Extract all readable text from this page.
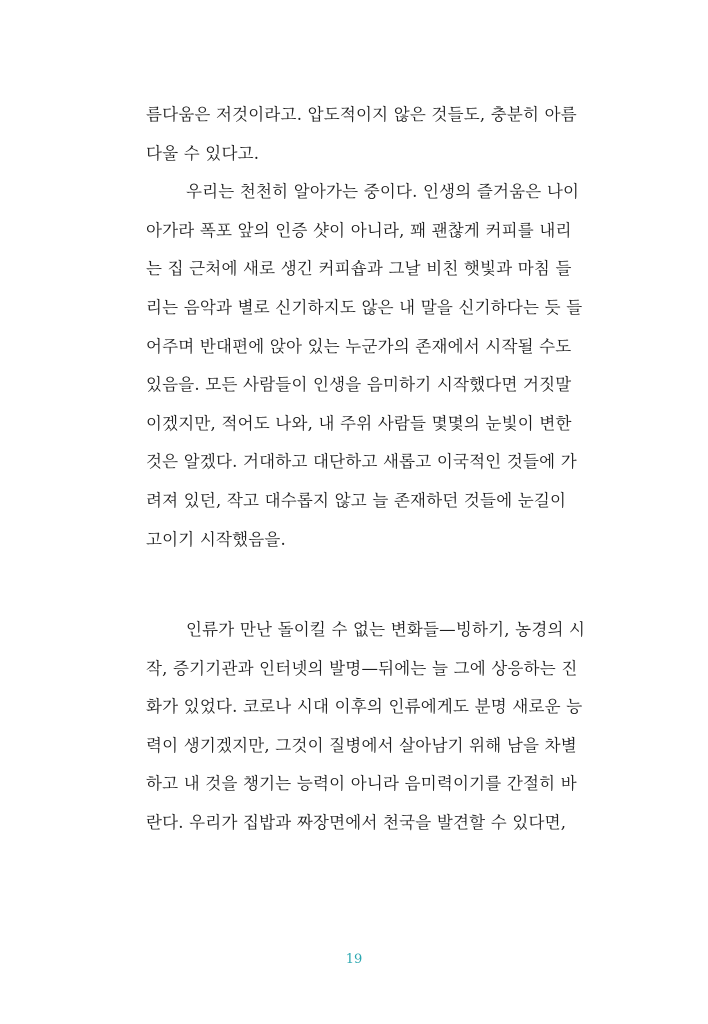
름다움은 저것이라고. 압도적이지 않은 것들도, 충분히 아름
다울 수 있다고.
우리는 천천히 알아가는 중이다. 인생의 즐거움은 나이
아가라 폭포 앞의 인증 샷이 아니라, 꽤 괜찮게 커피를 내리
는 집 근처에 새로 생긴 커피숍과 그날 비친 햇빛과 마침 들
리는 음악과 별로 신기하지도 않은 내 말을 신기하다는 듯 들
어주며 반대편에 앉아 있는 누군가의 존재에서 시작될 수도
있음을. 모든 사람들이 인생을 음미하기 시작했다면 거짓말
이겠지만, 적어도 나와, 내 주위 사람들 몇몇의 눈빛이 변한
것은 알겠다. 거대하고 대단하고 새롭고 이국적인 것들에 가
려져 있던, 작고 대수롭지 않고 늘 존재하던 것들에 눈길이
고이기 시작했음을.
인류가 만난 돌이킬 수 없는 변화들—빙하기, 농경의 시
작, 증기기관과 인터넷의 발명—뒤에는 늘 그에 상응하는 진
화가 있었다. 코로나 시대 이후의 인류에게도 분명 새로운 능
력이 생기겠지만, 그것이 질병에서 살아남기 위해 남을 차별
하고 내 것을 챙기는 능력이 아니라 음미력이기를 간절히 바
란다. 우리가 집밥과 짜장면에서 천국을 발견할 수 있다면,
19
